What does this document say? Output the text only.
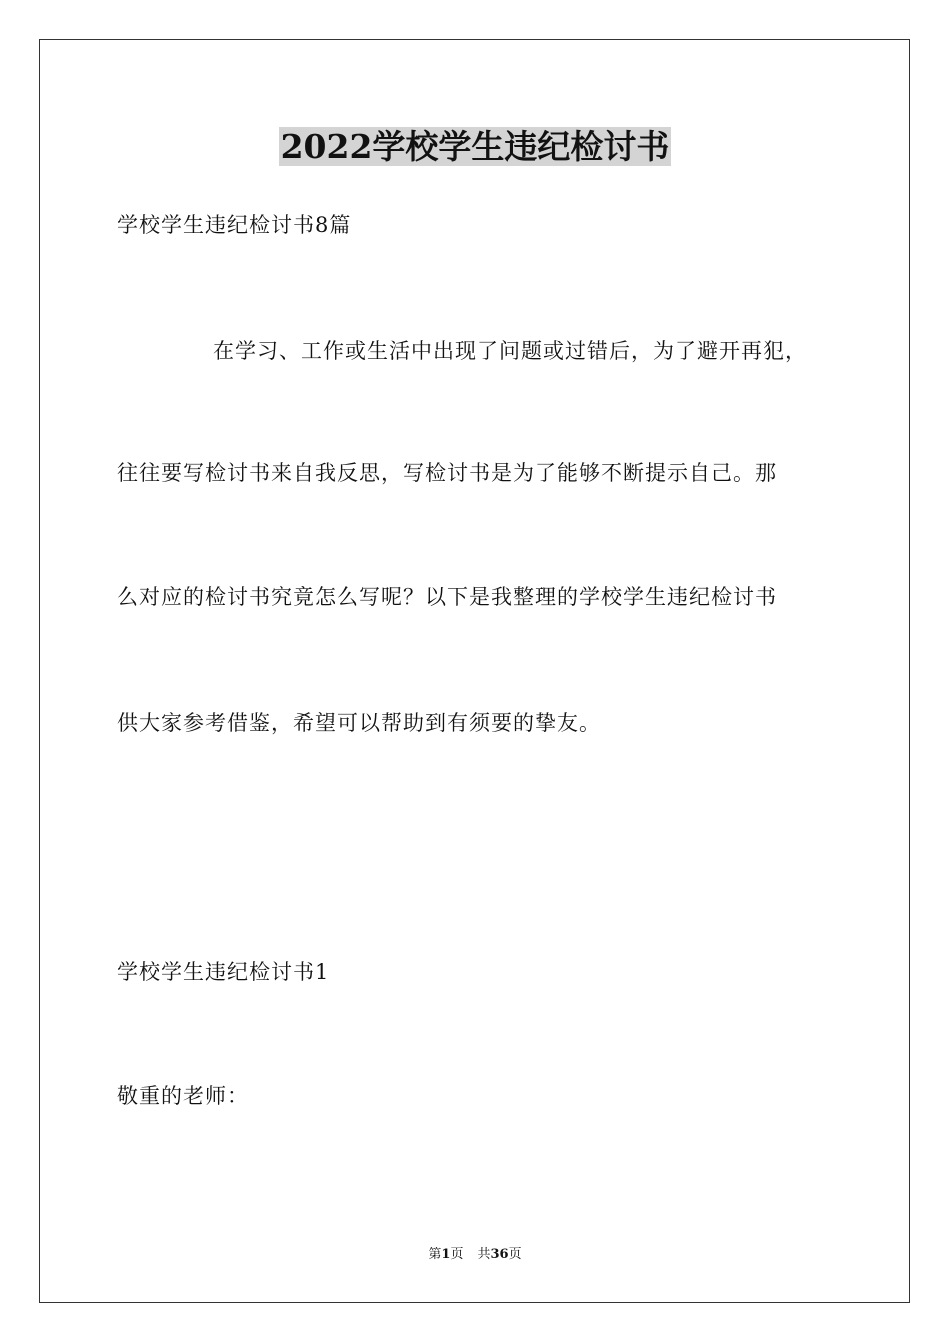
2022学校学生违纪检讨书
学校学生违纪检讨书8篇
在学习、工作或生活中出现了问题或过错后，为了避开再犯，
往往要写检讨书来自我反思，写检讨书是为了能够不断提示自己。那
么对应的检讨书究竟怎么写呢？以下是我整理的学校学生违纪检讨书
供大家参考借鉴，希望可以帮助到有须要的挚友。
学校学生违纪检讨书1
敬重的老师：
第1页 共36页
